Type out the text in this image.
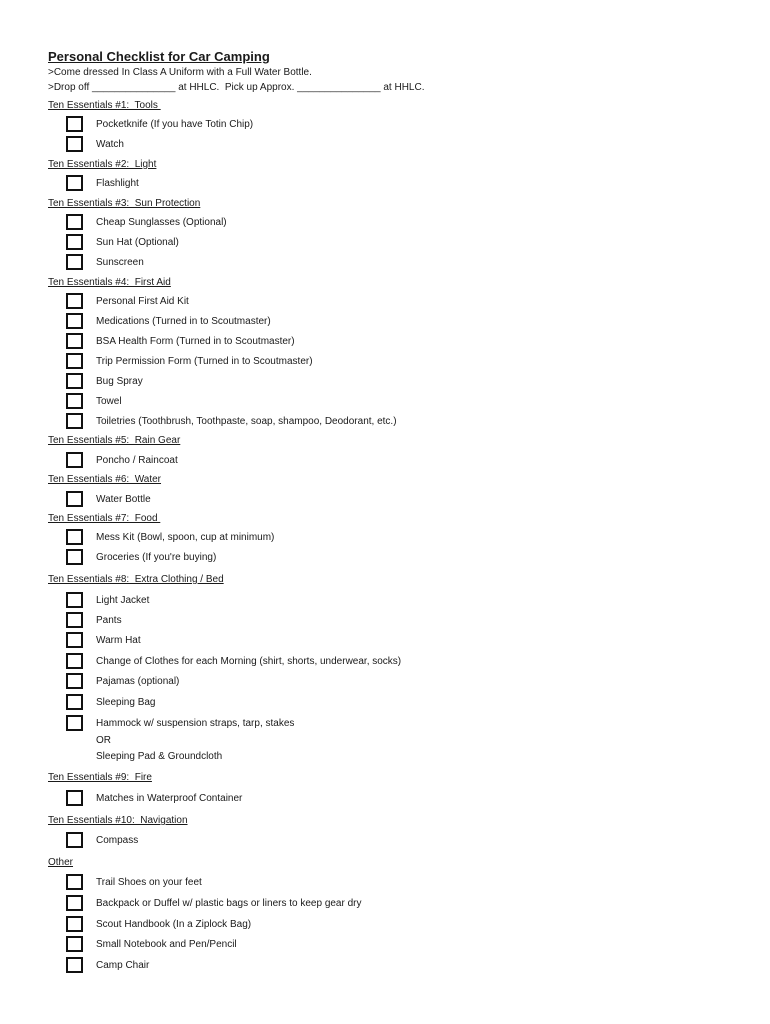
Personal Checklist for Car Camping
>Come dressed In Class A Uniform with a Full Water Bottle.
>Drop off _______________ at HHLC.  Pick up Approx. _______________ at HHLC.
Ten Essentials #1:  Tools
Pocketknife (If you have Totin Chip)
Watch
Ten Essentials #2:  Light
Flashlight
Ten Essentials #3:  Sun Protection
Cheap Sunglasses (Optional)
Sun Hat (Optional)
Sunscreen
Ten Essentials #4:  First Aid
Personal First Aid Kit
Medications (Turned in to Scoutmaster)
BSA Health Form (Turned in to Scoutmaster)
Trip Permission Form (Turned in to Scoutmaster)
Bug Spray
Towel
Toiletries (Toothbrush, Toothpaste, soap, shampoo, Deodorant, etc.)
Ten Essentials #5:  Rain Gear
Poncho / Raincoat
Ten Essentials #6:  Water
Water Bottle
Ten Essentials #7:  Food
Mess Kit (Bowl, spoon, cup at minimum)
Groceries (If you're buying)
Ten Essentials #8:  Extra Clothing / Bed
Light Jacket
Pants
Warm Hat
Change of Clothes for each Morning (shirt, shorts, underwear, socks)
Pajamas (optional)
Sleeping Bag
Hammock w/ suspension straps, tarp, stakes
Ten Essentials #9:  Fire
Matches in Waterproof Container
Ten Essentials #10:  Navigation
Compass
Other
Trail Shoes on your feet
Backpack or Duffel w/ plastic bags or liners to keep gear dry
Scout Handbook (In a Ziplock Bag)
Small Notebook and Pen/Pencil
Camp Chair
OR
Sleeping Pad & Groundcloth
